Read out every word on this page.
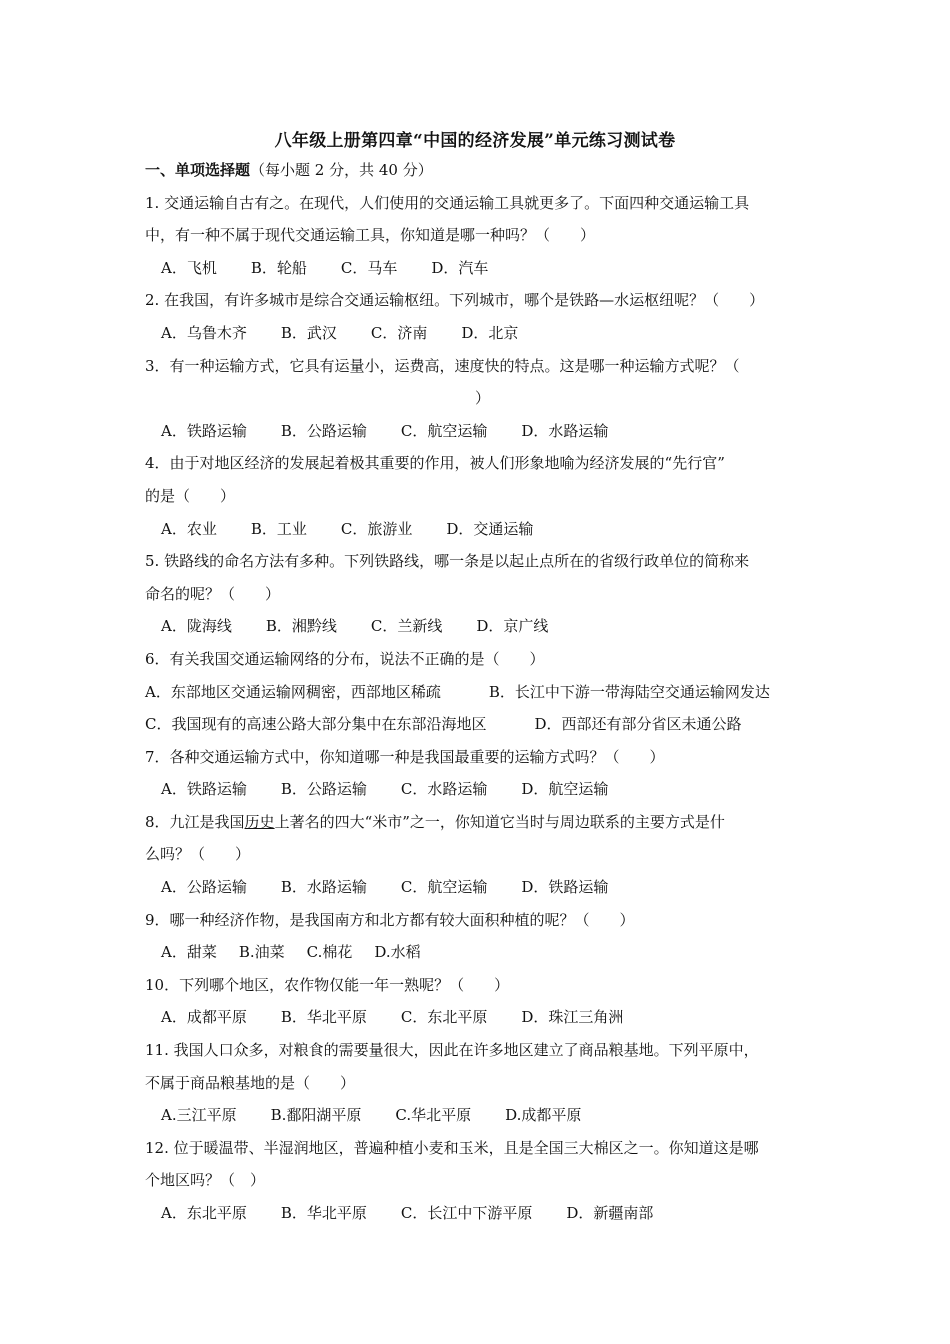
八年级上册第四章“中国的经济发展”单元练习测试卷
一、单项选择题（每小题 2 分，共 40 分）
1. 交通运输自古有之。在现代，人们使用的交通运输工具就更多了。下面四种交通运输工具
中，有一种不属于现代交通运输工具，你知道是哪一种吗？（　　）
A．飞机 B．轮船 C．马车 D．汽车
2. 在我国，有许多城市是综合交通运输枢纽。下列城市，哪个是铁路—水运枢纽呢？（　　）
A．乌鲁木齐 B．武汉 C．济南 D．北京
3．有一种运输方式，它具有运量小，运费高，速度快的特点。这是哪一种运输方式呢？（
）
A．铁路运输 B．公路运输 C．航空运输 D．水路运输
4．由于对地区经济的发展起着极其重要的作用，被人们形象地喻为经济发展的“先行官”
的是（　　）
A．农业 B．工业 C．旅游业 D．交通运输
5. 铁路线的命名方法有多种。下列铁路线，哪一条是以起止点所在的省级行政单位的简称来
命名的呢？（　　）
A．陇海线 B．湘黔线 C．兰新线 D．京广线
6．有关我国交通运输网络的分布，说法不正确的是（　　）
A．东部地区交通运输网稠密，西部地区稀疏	B．长江中下游一带海陆空交通运输网发达
C．我国现有的高速公路大部分集中在东部沿海地区	D．西部还有部分省区未通公路
7．各种交通运输方式中，你知道哪一种是我国最重要的运输方式吗？（　　）
A．铁路运输 B．公路运输 C．水路运输 D．航空运输
8．九江是我国历史上著名的四大“米市”之一，你知道它当时与周边联系的主要方式是什
么吗？（　　）
A．公路运输 B．水路运输 C．航空运输 D．铁路运输
9．哪一种经济作物，是我国南方和北方都有较大面积种植的呢？（　　）
A．甜菜 B.油菜 C.棉花 D.水稻
10．下列哪个地区，农作物仅能一年一熟呢？（　　）
A．成都平原 B．华北平原 C．东北平原 D．珠江三角洲
11. 我国人口众多，对粮食的需要量很大，因此在许多地区建立了商品粮基地。下列平原中，
不属于商品粮基地的是（　　）
A.三江平原 B.鄱阳湖平原 C.华北平原 D.成都平原
12. 位于暖温带、半湿润地区，普遍种植小麦和玉米，且是全国三大棉区之一。你知道这是哪
个地区吗？（　）
A．东北平原 B．华北平原 C．长江中下游平原 D．新疆南部
